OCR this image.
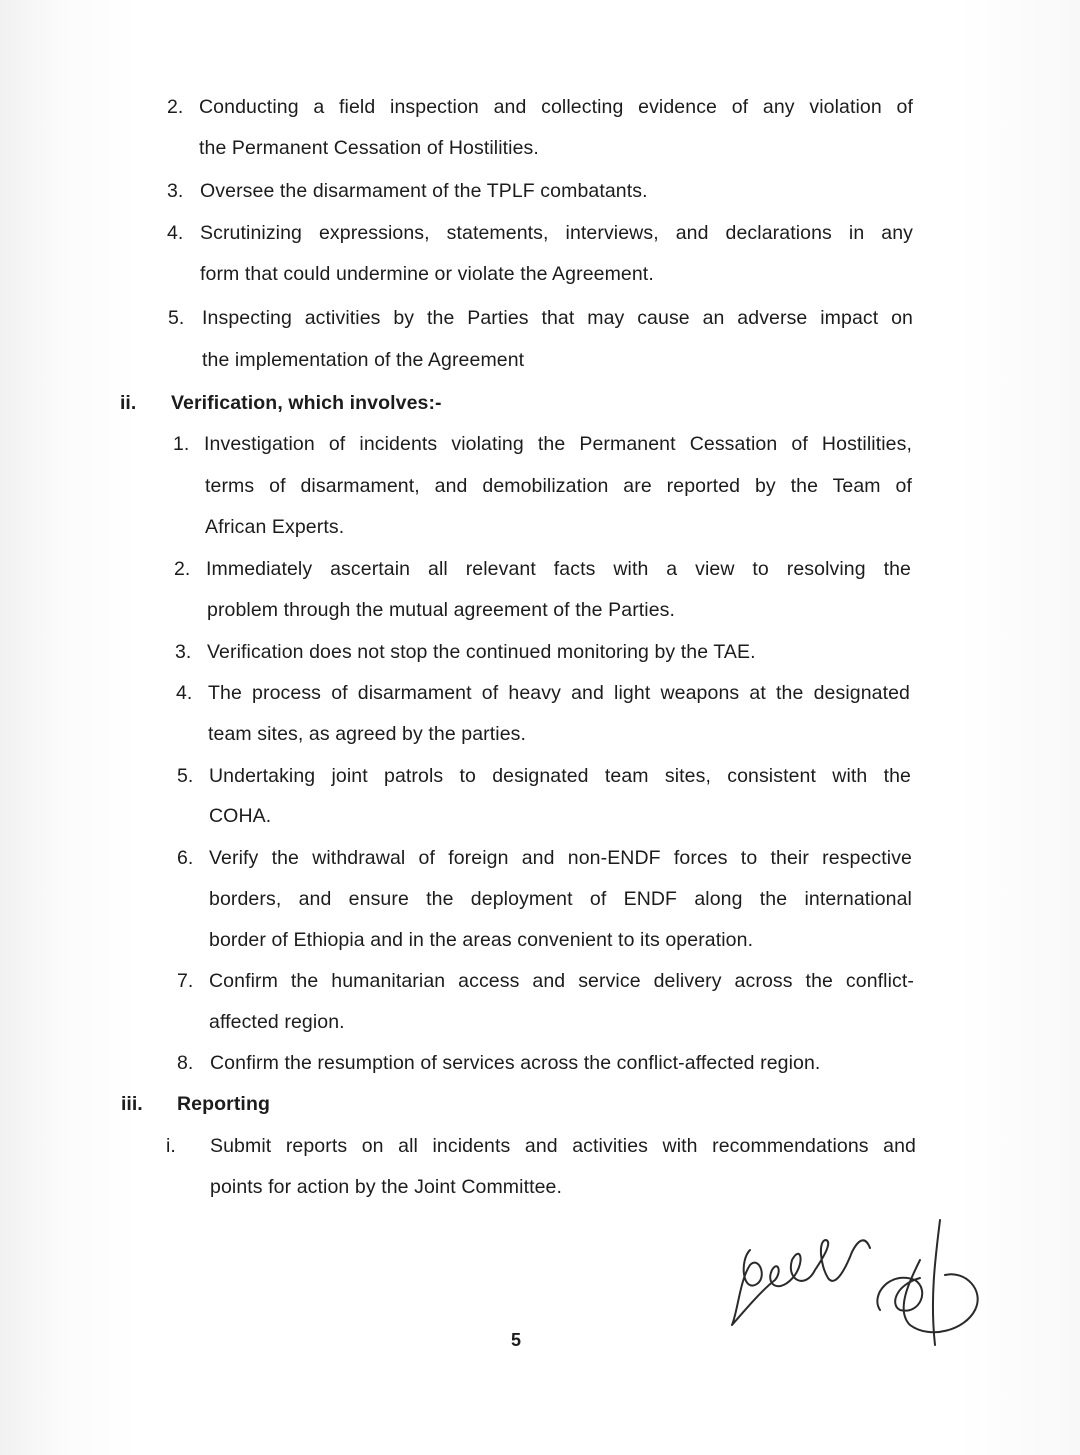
2. Conducting a field inspection and collecting evidence of any violation of
the Permanent Cessation of Hostilities.
3. Oversee the disarmament of the TPLF combatants.
4. Scrutinizing expressions, statements, interviews, and declarations in any
form that could undermine or violate the Agreement.
5. Inspecting activities by the Parties that may cause an adverse impact on
the implementation of the Agreement
ii. Verification, which involves:-
1. Investigation of incidents violating the Permanent Cessation of Hostilities,
terms of disarmament, and demobilization are reported by the Team of
African Experts.
2. Immediately ascertain all relevant facts with a view to resolving the
problem through the mutual agreement of the Parties.
3. Verification does not stop the continued monitoring by the TAE.
4. The process of disarmament of heavy and light weapons at the designated
team sites, as agreed by the parties.
5. Undertaking joint patrols to designated team sites, consistent with the
COHA.
6. Verify the withdrawal of foreign and non-ENDF forces to their respective
borders, and ensure the deployment of ENDF along the international
border of Ethiopia and in the areas convenient to its operation.
7. Confirm the humanitarian access and service delivery across the conflict-
affected region.
8. Confirm the resumption of services across the conflict-affected region.
iii. Reporting
i. Submit reports on all incidents and activities with recommendations and
points for action by the Joint Committee.
5
